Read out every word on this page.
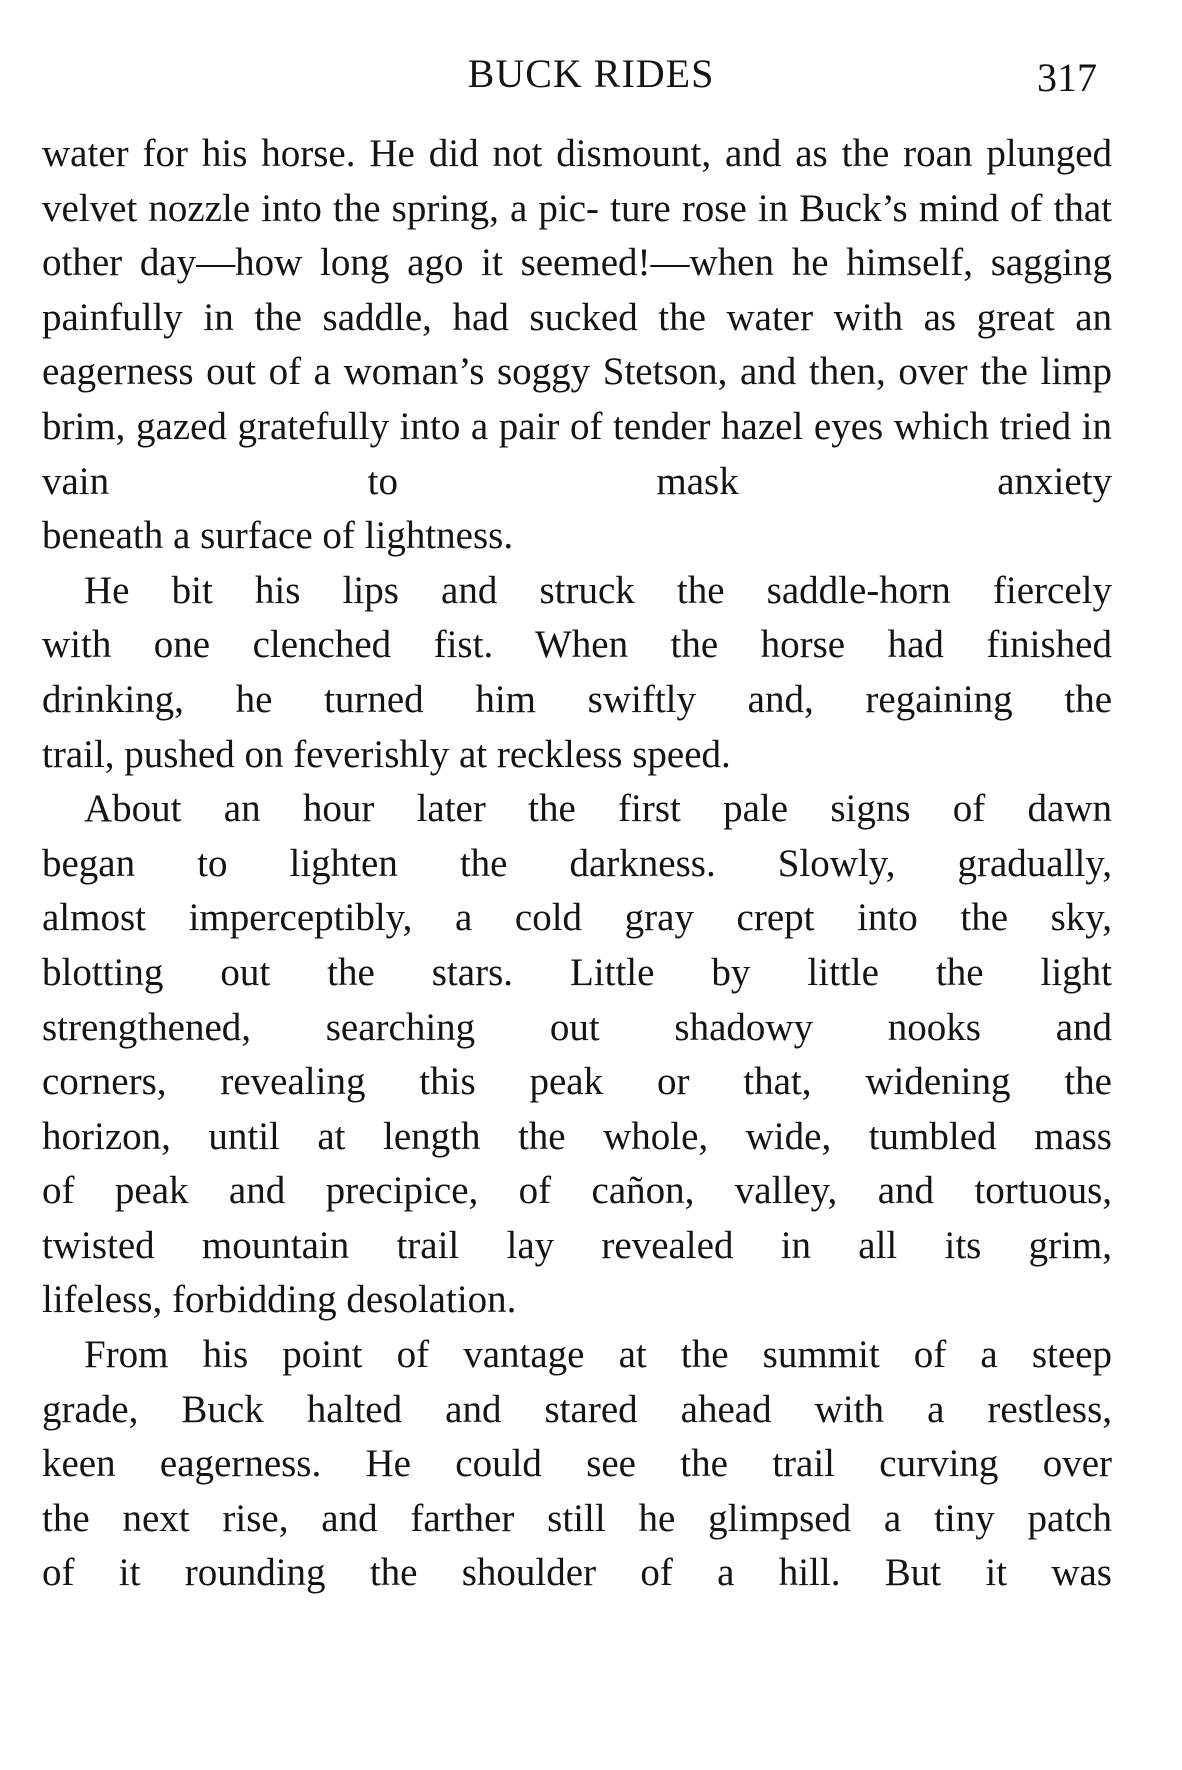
BUCK RIDES	317

water for his horse. He did not dismount, and as the roan plunged velvet nozzle into the spring, a pic- ture rose in Buck’s mind of that other day—how long ago it seemed!—when he himself, sagging painfully in the saddle, had sucked the water with as great an eagerness out of a woman’s soggy Stetson, and then, over the limp brim, gazed gratefully into a pair of tender hazel eyes which tried in vain to mask anxiety

beneath a surface of lightness.

He bit his lips and struck the saddle-horn fiercely

with one clenched fist. When the horse had finished

drinking, he turned him swiftly and, regaining the

trail, pushed on feverishly at reckless speed.

About an hour later the first pale signs of dawn

began to lighten the darkness. Slowly, gradually,

almost imperceptibly, a cold gray crept into the sky,

blotting out the stars. Little by little the light

strengthened, searching out shadowy nooks and

corners, revealing this peak or that, widening the

horizon, until at length the whole, wide, tumbled mass

of peak and precipice, of cañon, valley, and tortuous,

twisted mountain trail lay revealed in all its grim,

lifeless, forbidding desolation.

From his point of vantage at the summit of a steep

grade, Buck halted and stared ahead with a restless,

keen eagerness. He could see the trail curving over

the next rise, and farther still he glimpsed a tiny patch

of it rounding the shoulder of a hill. But it was
